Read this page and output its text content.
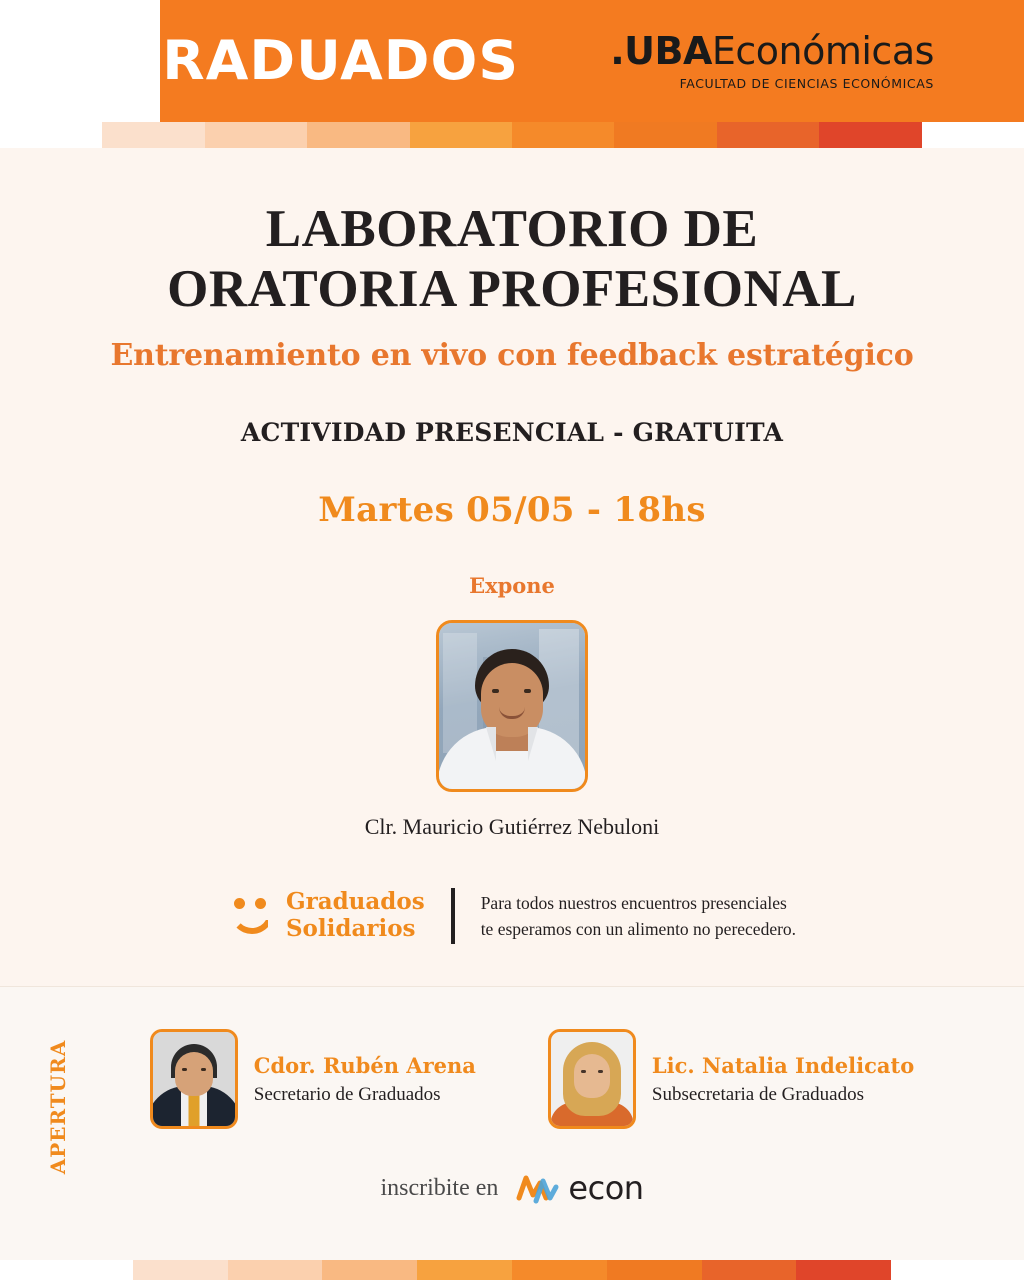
GRADUADOS .UBAEconómicas
FACULTAD DE CIENCIAS ECONÓMICAS
LABORATORIO DE
ORATORIA PROFESIONAL
Entrenamiento en vivo con feedback estratégico
ACTIVIDAD PRESENCIAL - GRATUITA
Martes 05/05 - 18hs
Expone
Clr. Mauricio Gutiérrez Nebuloni
Graduados
Solidarios
Para todos nuestros encuentros presenciales
te esperamos con un alimento no perecedero.
APERTURA	Cdor. Rubén Arena
Secretario de Graduados
Lic. Natalia Indelicato
Subsecretaria de Graduados
inscribite en econ
